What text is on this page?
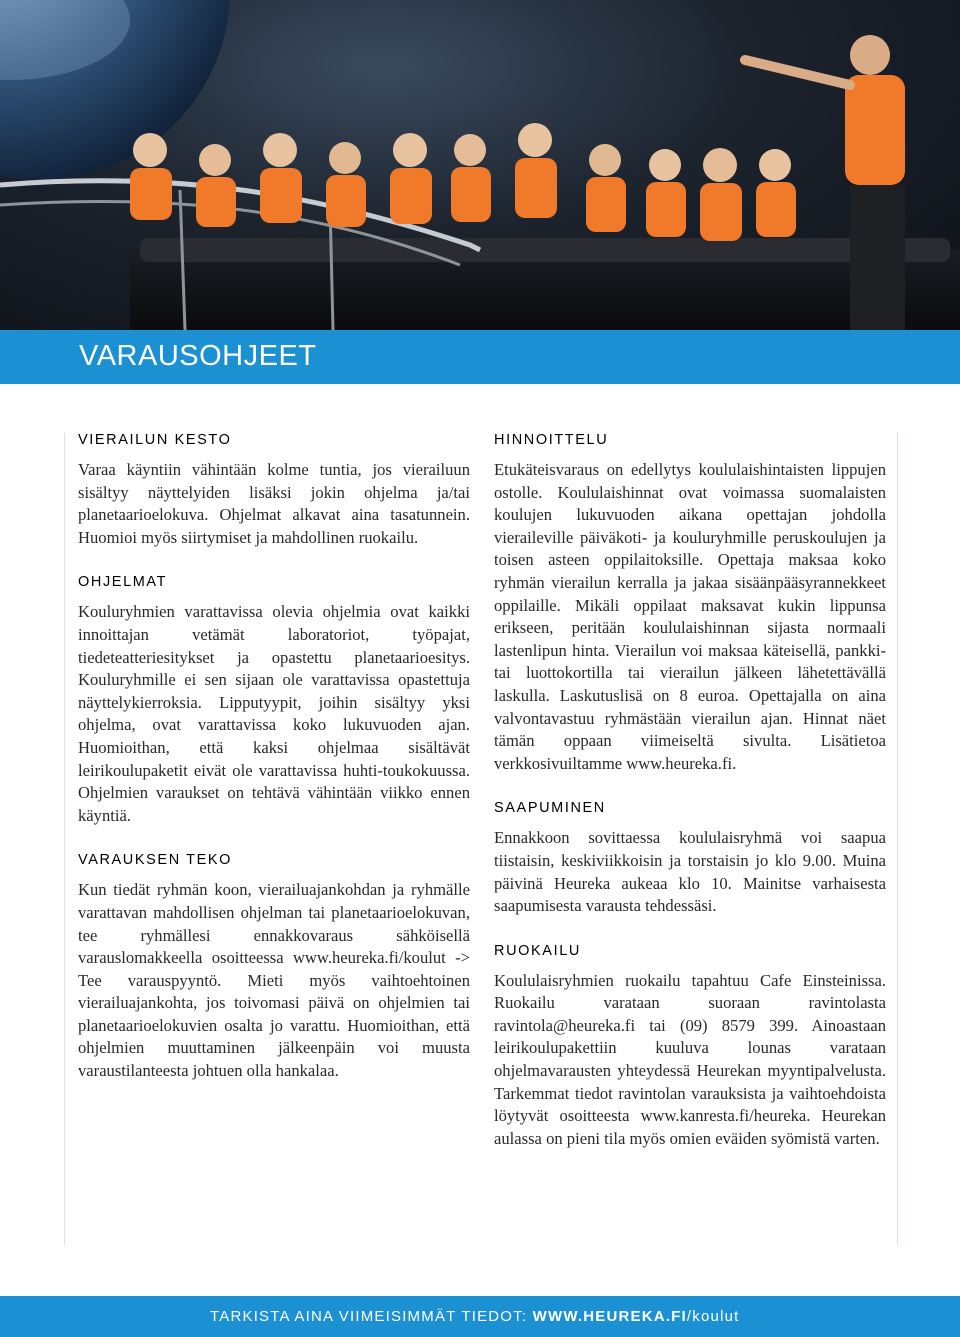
VARAUSOHJEET
VIERAILUN KESTO

Varaa käyntiin vähintään kolme tuntia, jos vierailuun sisältyy näyttelyiden lisäksi jokin ohjelma ja/tai planetaarioelokuva. Ohjelmat alkavat aina tasatunnein. Huomioi myös siirtymiset ja mahdollinen ruokailu.

OHJELMAT

Kouluryhmien varattavissa olevia ohjelmia ovat kaikki innoittajan vetämät laboratoriot, työpajat, tiedeteatteriesitykset ja opastettu planetaarioesitys. Kouluryhmille ei sen sijaan ole varattavissa opastettuja näyttelykierroksia. Lipputyypit, joihin sisältyy yksi ohjelma, ovat varattavissa koko lukuvuoden ajan. Huomioithan, että kaksi ohjelmaa sisältävät leirikoulupaketit eivät ole varattavissa huhti-toukokuussa. Ohjelmien varaukset on tehtävä vähintään viikko ennen käyntiä.

VARAUKSEN TEKO

Kun tiedät ryhmän koon, vierailuajankohdan ja ryhmälle varattavan mahdollisen ohjelman tai planetaarioelokuvan, tee ryhmällesi ennakkovaraus sähköisellä varauslomakkeella osoitteessa www.heureka.fi/koulut -> Tee varauspyyntö. Mieti myös vaihtoehtoinen vierailuajankohta, jos toivomasi päivä on ohjelmien tai planetaarioelokuvien osalta jo varattu. Huomioithan, että ohjelmien muuttaminen jälkeenpäin voi muusta varaustilanteesta johtuen olla hankalaa.

HINNOITTELU

Etukäteisvaraus on edellytys koululaishintaisten lippujen ostolle. Koululaishinnat ovat voimassa suomalaisten koulujen lukuvuoden aikana opettajan johdolla vieraileville päiväkoti- ja kouluryhmille peruskoulujen ja toisen asteen oppilaitoksille. Opettaja maksaa koko ryhmän vierailun kerralla ja jakaa sisäänpääsyrannekkeet oppilaille. Mikäli oppilaat maksavat kukin lippunsa erikseen, peritään koululaishinnan sijasta normaali lastenlipun hinta. Vierailun voi maksaa käteisellä, pankki- tai luottokortilla tai vierailun jälkeen lähetettävällä laskulla. Laskutuslisä on 8 euroa. Opettajalla on aina valvontavastuu ryhmästään vierailun ajan. Hinnat näet tämän oppaan viimeiseltä sivulta. Lisätietoa verkkosivuiltamme www.heureka.fi.

SAAPUMINEN

Ennakkoon sovittaessa koululaisryhmä voi saapua tiistaisin, keskiviikkoisin ja torstaisin jo klo 9.00. Muina päivinä Heureka aukeaa klo 10. Mainitse varhaisesta saapumisesta varausta tehdessäsi.

RUOKAILU

Koululaisryhmien ruokailu tapahtuu Cafe Einsteinissa. Ruokailu varataan suoraan ravintolasta ravintola@heureka.fi tai (09) 8579 399. Ainoastaan leirikoulupakettiin kuuluva lounas varataan ohjelmavarausten yhteydessä Heurekan myyntipalvelusta. Tarkemmat tiedot ravintolan varauksista ja vaihtoehdoista löytyvät osoitteesta www.kanresta.fi/heureka. Heurekan aulassa on pieni tila myös omien eväiden syömistä varten.

TARKISTA AINA VIIMEISIMMÄT TIEDOT: WWW.HEUREKA.FI/koulut
